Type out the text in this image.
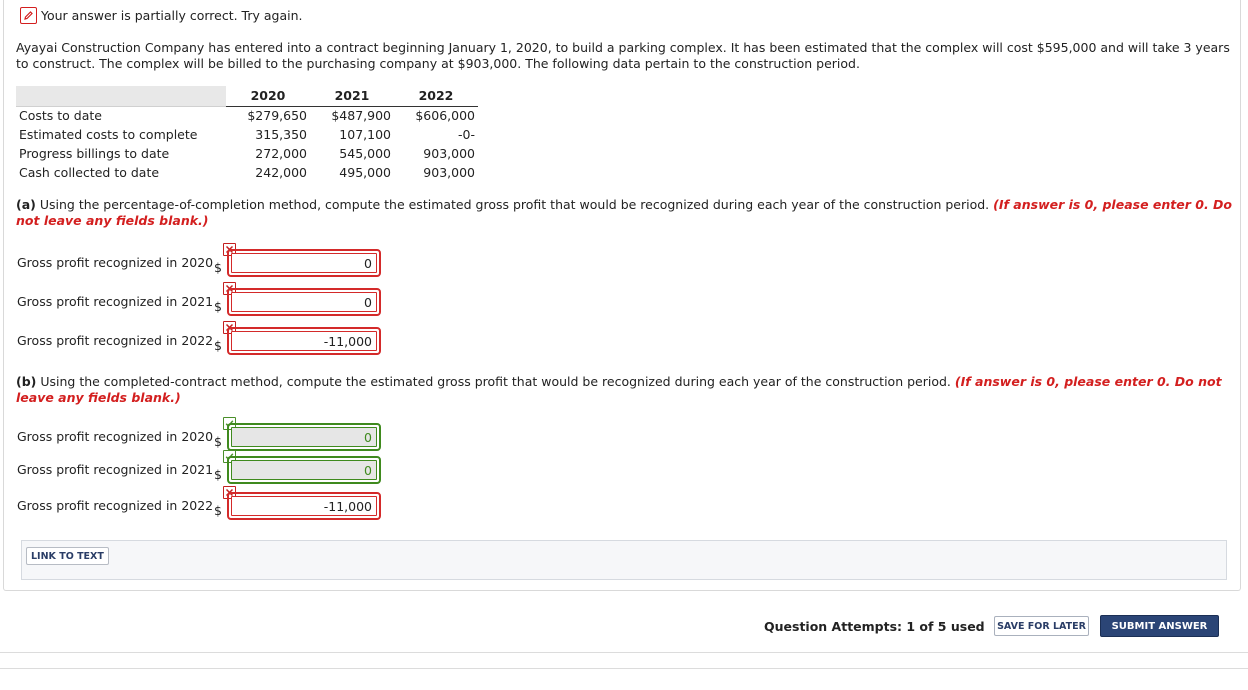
Your answer is partially correct. Try again.
Ayayai Construction Company has entered into a contract beginning January 1, 2020, to build a parking complex. It has been estimated that the complex will cost $595,000 and will take 3 years to construct. The complex will be billed to the purchasing company at $903,000. The following data pertain to the construction period.
	2020	2021	2022
Costs to date	$279,650	$487,900	$606,000
Estimated costs to complete	315,350	107,100	-0-
Progress billings to date	272,000	545,000	903,000
Cash collected to date	242,000	495,000	903,000
(a) Using the percentage-of-completion method, compute the estimated gross profit that would be recognized during each year of the construction period. (If answer is 0, please enter 0. Do not leave any fields blank.)
Gross profit recognized in 2020 $
0
Gross profit recognized in 2021 $
0
Gross profit recognized in 2022 $
-11,000
(b) Using the completed-contract method, compute the estimated gross profit that would be recognized during each year of the construction period. (If answer is 0, please enter 0. Do not leave any fields blank.)
Gross profit recognized in 2020 $
0
Gross profit recognized in 2021 $
0
Gross profit recognized in 2022 $
-11,000
LINK TO TEXT
Question Attempts: 1 of 5 used	SAVE FOR LATER	SUBMIT ANSWER
